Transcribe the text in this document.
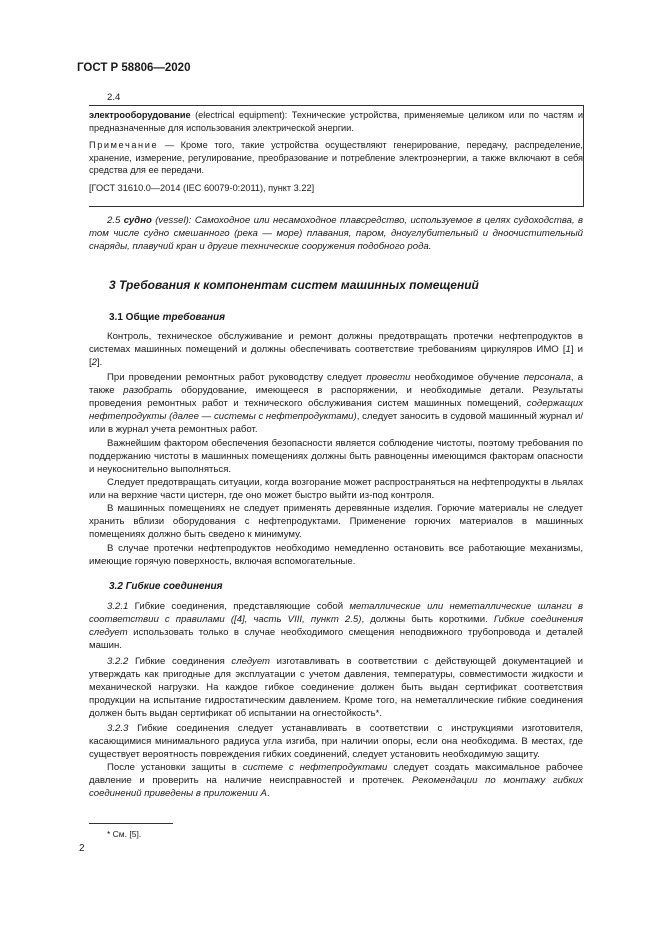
ГОСТ Р 58806—2020
2.4

электрооборудование (electrical equipment): Технические устройства, применяемые целиком или по частям и предназначенные для использования электрической энергии.

Примечание — Кроме того, такие устройства осуществляют генерирование, передачу, распределение, хранение, измерение, регулирование, преобразование и потребление электроэнергии, а также включают в себя средства для ее передачи.

[ГОСТ 31610.0—2014 (IEC 60079-0:2011), пункт 3.22]

2.5 судно (vessel): Самоходное или несамоходное плавсредство, используемое в целях судоходства, в том числе судно смешанного (река — море) плавания, паром, дноуглубительный и дноочистительный снаряды, плавучий кран и другие технические сооружения подобного рода.

3 Требования к компонентам систем машинных помещений
3.1 Общие требования

Контроль, техническое обслуживание и ремонт должны предотвращать протечки нефтепродуктов в системах машинных помещений и должны обеспечивать соответствие требованиям циркуляров ИМО [1] и [2].

При проведении ремонтных работ руководству следует провести необходимое обучение персонала, а также разобрать оборудование, имеющееся в распоряжении, и необходимые детали. Результаты проведения ремонтных работ и технического обслуживания систем машинных помещений, содержащих нефтепродукты (далее — системы с нефтепродуктами), следует заносить в судовой машинный журнал и/или в журнал учета ремонтных работ.

Важнейшим фактором обеспечения безопасности является соблюдение чистоты, поэтому требования по поддержанию чистоты в машинных помещениях должны быть равноценны имеющимся факторам опасности и неукоснительно выполняться.

Следует предотвращать ситуации, когда возгорание может распространяться на нефтепродукты в льялах или на верхние части цистерн, где оно может быстро выйти из-под контроля.

В машинных помещениях не следует применять деревянные изделия. Горючие материалы не следует хранить вблизи оборудования с нефтепродуктами. Применение горючих материалов в машинных помещениях должно быть сведено к минимуму.

В случае протечки нефтепродуктов необходимо немедленно остановить все работающие механизмы, имеющие горячую поверхность, включая вспомогательные.

3.2 Гибкие соединения

3.2.1 Гибкие соединения, представляющие собой металлические или неметаллические шланги в соответствии с правилами ([4], часть VIII, пункт 2.5), должны быть короткими. Гибкие соединения следует использовать только в случае необходимого смещения неподвижного трубопровода и деталей машин.

3.2.2 Гибкие соединения следует изготавливать в соответствии с действующей документацией и утверждать как пригодные для эксплуатации с учетом давления, температуры, совместимости жидкости и механической нагрузки. На каждое гибкое соединение должен быть выдан сертификат соответствия продукции на испытание гидростатическим давлением. Кроме того, на неметаллические гибкие соединения должен быть выдан сертификат об испытании на огнестойкость*.

3.2.3 Гибкие соединения следует устанавливать в соответствии с инструкциями изготовителя, касающимися минимального радиуса угла изгиба, при наличии опоры, если она необходима. В местах, где существует вероятность повреждения гибких соединений, следует установить необходимую защиту.

После установки защиты в системе с нефтепродуктами следует создать максимальное рабочее давление и проверить на наличие неисправностей и протечек. Рекомендации по монтажу гибких соединений приведены в приложении А.

* См. [5].
2
